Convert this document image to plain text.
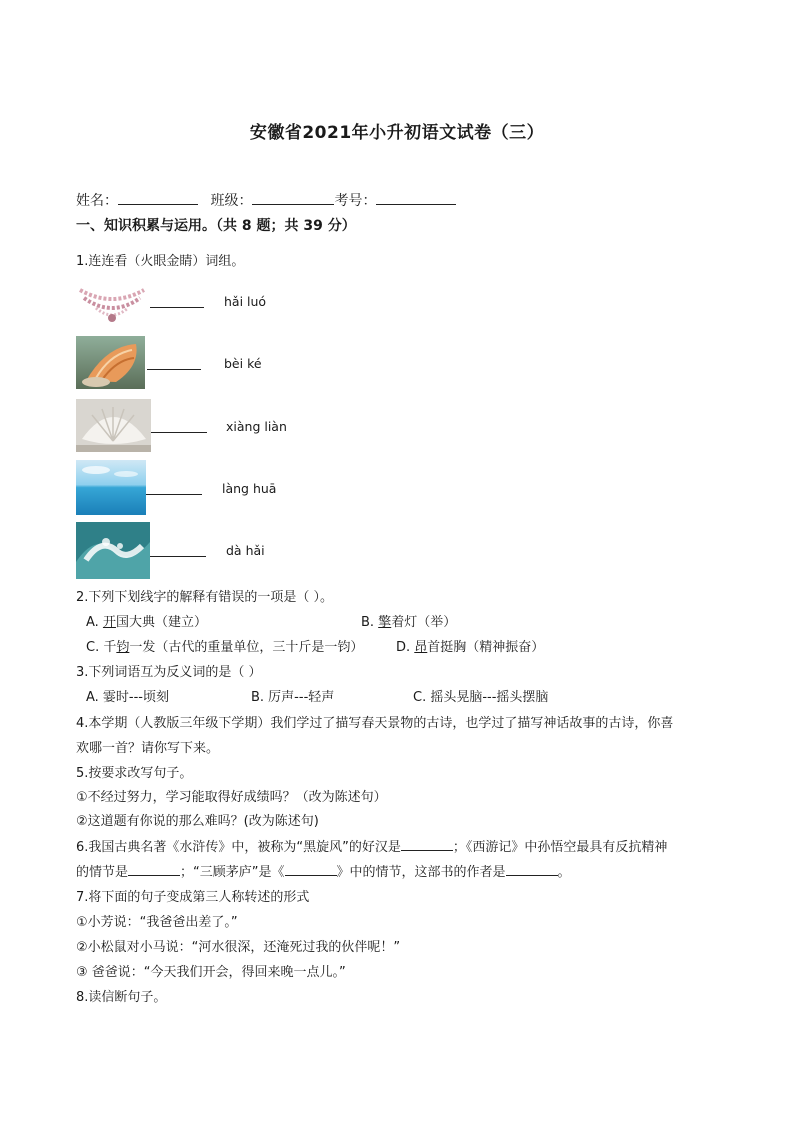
安徽省2021年小升初语文试卷（三）
姓名：	班级：	考号：
一、知识积累与运用。（共 8 题；共 39 分）
1.连连看（火眼金睛）词组。
hǎi luó
bèi ké
xiàng liàn
làng huā
dà hǎi
2.下列下划线字的解释有错误的一项是（ ）。
A. 开国大典（建立）	B. 擎着灯（举）
C. 千钧一发（古代的重量单位，三十斤是一钧）	D. 昂首挺胸（精神振奋）
3.下列词语互为反义词的是（ ）
A. 霎时---顷刻	B. 厉声---轻声	C. 摇头晃脑---摇头摆脑
4.本学期（人教版三年级下学期）我们学过了描写春天景物的古诗，也学过了描写神话故事的古诗，你喜
欢哪一首？请你写下来。
5.按要求改写句子。
①不经过努力，学习能取得好成绩吗？（改为陈述句）
②这道题有你说的那么难吗？(改为陈述句)
6.我国古典名著《水浒传》中，被称为“黑旋风”的好汉是	；《西游记》中孙悟空最具有反抗精神
的情节是	；“三顾茅庐”是《	》中的情节，这部书的作者是	。
7.将下面的句子变成第三人称转述的形式
①小芳说：“我爸爸出差了。”
②小松鼠对小马说：“河水很深，还淹死过我的伙伴呢！”
③ 爸爸说：“今天我们开会，得回来晚一点儿。”
8.读信断句子。
